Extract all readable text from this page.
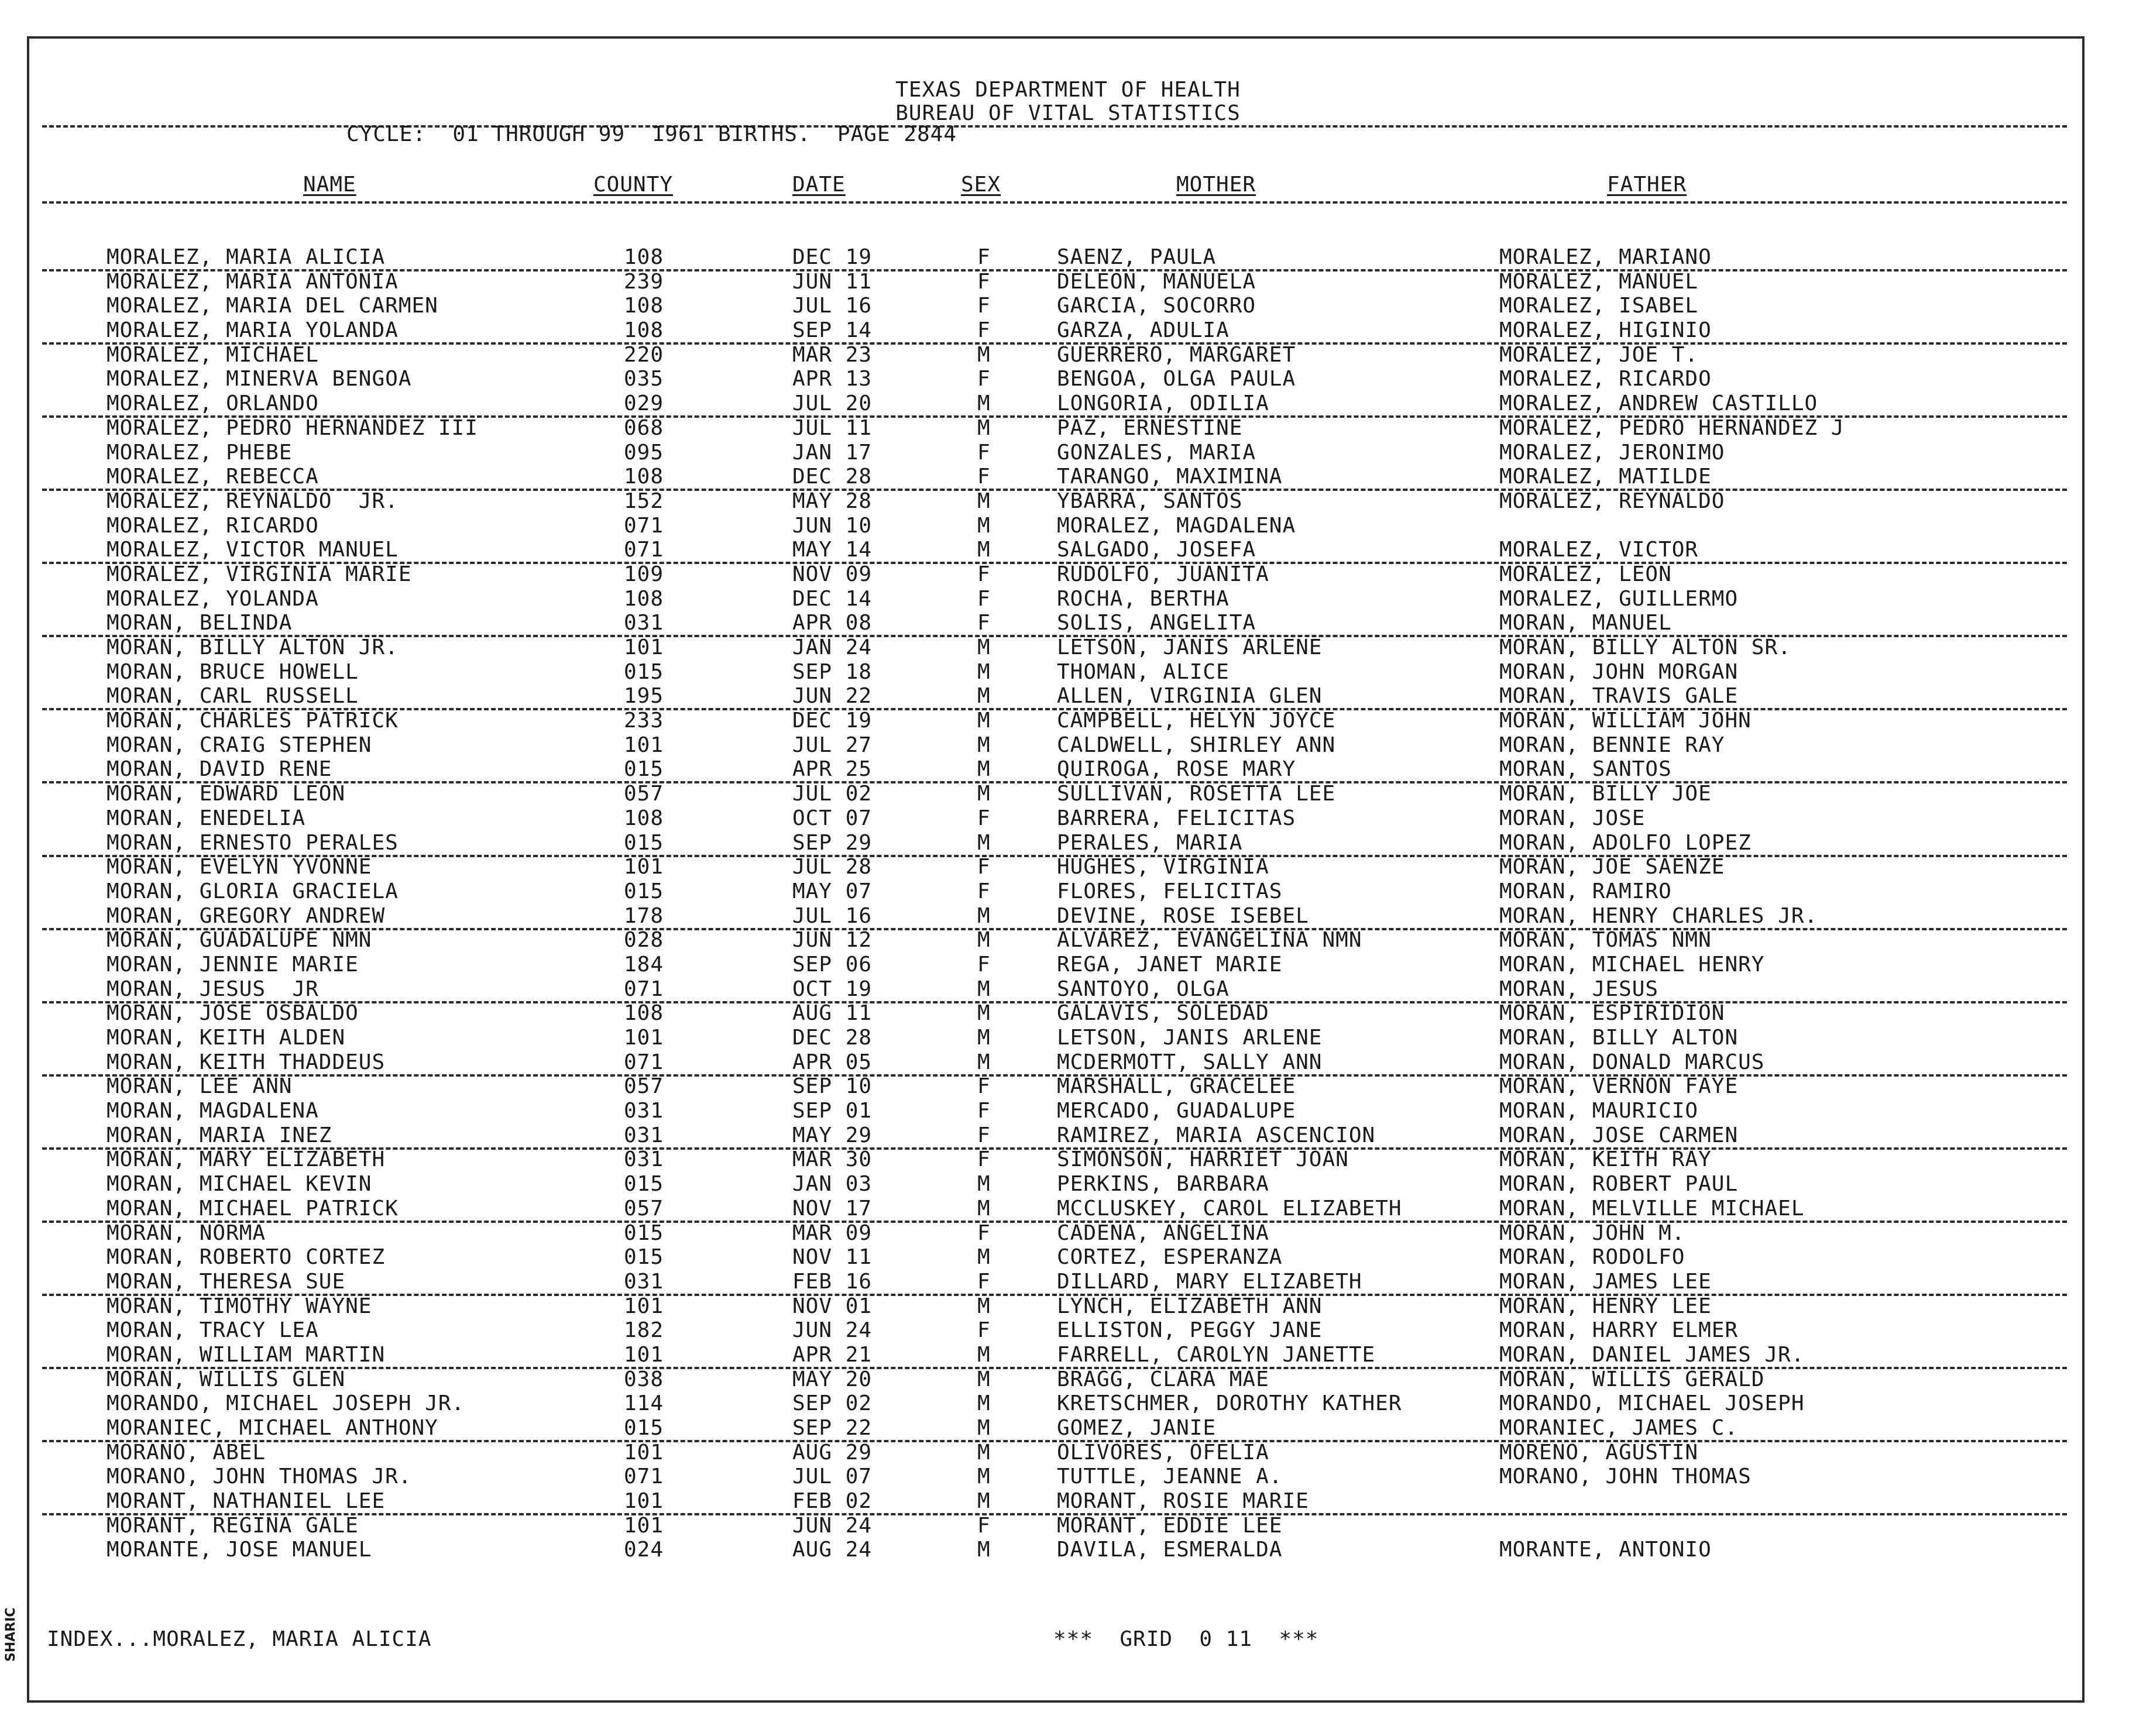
TEXAS DEPARTMENT OF HEALTH
BUREAU OF VITAL STATISTICS
CYCLE:  01 THROUGH 99  1961 BIRTHS.  PAGE 2844
NAME	COUNTY	DATE	SEX	MOTHER	FATHER
MORALEZ, MARIA ALICIA	108	DEC 19	F	SAENZ, PAULA	MORALEZ, MARIANO
MORALEZ, MARIA ANTONIA	239	JUN 11	F	DELEON, MANUELA	MORALEZ, MANUEL
MORALEZ, MARIA DEL CARMEN	108	JUL 16	F	GARCIA, SOCORRO	MORALEZ, ISABEL
MORALEZ, MARIA YOLANDA	108	SEP 14	F	GARZA, ADULIA	MORALEZ, HIGINIO
MORALEZ, MICHAEL	220	MAR 23	M	GUERRERO, MARGARET	MORALEZ, JOE T.
MORALEZ, MINERVA BENGOA	035	APR 13	F	BENGOA, OLGA PAULA	MORALEZ, RICARDO
MORALEZ, ORLANDO	029	JUL 20	M	LONGORIA, ODILIA	MORALEZ, ANDREW CASTILLO
MORALEZ, PEDRO HERNANDEZ III	068	JUL 11	M	PAZ, ERNESTINE	MORALEZ, PEDRO HERNANDEZ J
MORALEZ, PHEBE	095	JAN 17	F	GONZALES, MARIA	MORALEZ, JERONIMO
MORALEZ, REBECCA	108	DEC 28	F	TARANGO, MAXIMINA	MORALEZ, MATILDE
MORALEZ, REYNALDO  JR.	152	MAY 28	M	YBARRA, SANTOS	MORALEZ, REYNALDO
MORALEZ, RICARDO	071	JUN 10	M	MORALEZ, MAGDALENA
MORALEZ, VICTOR MANUEL	071	MAY 14	M	SALGADO, JOSEFA	MORALEZ, VICTOR
MORALEZ, VIRGINIA MARIE	109	NOV 09	F	RUDOLFO, JUANITA	MORALEZ, LEON
MORALEZ, YOLANDA	108	DEC 14	F	ROCHA, BERTHA	MORALEZ, GUILLERMO
MORAN, BELINDA	031	APR 08	F	SOLIS, ANGELITA	MORAN, MANUEL
MORAN, BILLY ALTON JR.	101	JAN 24	M	LETSON, JANIS ARLENE	MORAN, BILLY ALTON SR.
MORAN, BRUCE HOWELL	015	SEP 18	M	THOMAN, ALICE	MORAN, JOHN MORGAN
MORAN, CARL RUSSELL	195	JUN 22	M	ALLEN, VIRGINIA GLEN	MORAN, TRAVIS GALE
MORAN, CHARLES PATRICK	233	DEC 19	M	CAMPBELL, HELYN JOYCE	MORAN, WILLIAM JOHN
MORAN, CRAIG STEPHEN	101	JUL 27	M	CALDWELL, SHIRLEY ANN	MORAN, BENNIE RAY
MORAN, DAVID RENE	015	APR 25	M	QUIROGA, ROSE MARY	MORAN, SANTOS
MORAN, EDWARD LEON	057	JUL 02	M	SULLIVAN, ROSETTA LEE	MORAN, BILLY JOE
MORAN, ENEDELIA	108	OCT 07	F	BARRERA, FELICITAS	MORAN, JOSE
MORAN, ERNESTO PERALES	015	SEP 29	M	PERALES, MARIA	MORAN, ADOLFO LOPEZ
MORAN, EVELYN YVONNE	101	JUL 28	F	HUGHES, VIRGINIA	MORAN, JOE SAENZE
MORAN, GLORIA GRACIELA	015	MAY 07	F	FLORES, FELICITAS	MORAN, RAMIRO
MORAN, GREGORY ANDREW	178	JUL 16	M	DEVINE, ROSE ISEBEL	MORAN, HENRY CHARLES JR.
MORAN, GUADALUPE NMN	028	JUN 12	M	ALVAREZ, EVANGELINA NMN	MORAN, TOMAS NMN
MORAN, JENNIE MARIE	184	SEP 06	F	REGA, JANET MARIE	MORAN, MICHAEL HENRY
MORAN, JESUS  JR	071	OCT 19	M	SANTOYO, OLGA	MORAN, JESUS
MORAN, JOSE OSBALDO	108	AUG 11	M	GALAVIS, SOLEDAD	MORAN, ESPIRIDION
MORAN, KEITH ALDEN	101	DEC 28	M	LETSON, JANIS ARLENE	MORAN, BILLY ALTON
MORAN, KEITH THADDEUS	071	APR 05	M	MCDERMOTT, SALLY ANN	MORAN, DONALD MARCUS
MORAN, LEE ANN	057	SEP 10	F	MARSHALL, GRACELEE	MORAN, VERNON FAYE
MORAN, MAGDALENA	031	SEP 01	F	MERCADO, GUADALUPE	MORAN, MAURICIO
MORAN, MARIA INEZ	031	MAY 29	F	RAMIREZ, MARIA ASCENCION	MORAN, JOSE CARMEN
MORAN, MARY ELIZABETH	031	MAR 30	F	SIMONSON, HARRIET JOAN	MORAN, KEITH RAY
MORAN, MICHAEL KEVIN	015	JAN 03	M	PERKINS, BARBARA	MORAN, ROBERT PAUL
MORAN, MICHAEL PATRICK	057	NOV 17	M	MCCLUSKEY, CAROL ELIZABETH	MORAN, MELVILLE MICHAEL
MORAN, NORMA	015	MAR 09	F	CADENA, ANGELINA	MORAN, JOHN M.
MORAN, ROBERTO CORTEZ	015	NOV 11	M	CORTEZ, ESPERANZA	MORAN, RODOLFO
MORAN, THERESA SUE	031	FEB 16	F	DILLARD, MARY ELIZABETH	MORAN, JAMES LEE
MORAN, TIMOTHY WAYNE	101	NOV 01	M	LYNCH, ELIZABETH ANN	MORAN, HENRY LEE
MORAN, TRACY LEA	182	JUN 24	F	ELLISTON, PEGGY JANE	MORAN, HARRY ELMER
MORAN, WILLIAM MARTIN	101	APR 21	M	FARRELL, CAROLYN JANETTE	MORAN, DANIEL JAMES JR.
MORAN, WILLIS GLEN	038	MAY 20	M	BRAGG, CLARA MAE	MORAN, WILLIS GERALD
MORANDO, MICHAEL JOSEPH JR.	114	SEP 02	M	KRETSCHMER, DOROTHY KATHER	MORANDO, MICHAEL JOSEPH
MORANIEC, MICHAEL ANTHONY	015	SEP 22	M	GOMEZ, JANIE	MORANIEC, JAMES C.
MORANO, ABEL	101	AUG 29	M	OLIVORES, OFELIA	MORENO, AGUSTIN
MORANO, JOHN THOMAS JR.	071	JUL 07	M	TUTTLE, JEANNE A.	MORANO, JOHN THOMAS
MORANT, NATHANIEL LEE	101	FEB 02	M	MORANT, ROSIE MARIE
MORANT, REGINA GALE	101	JUN 24	F	MORANT, EDDIE LEE
MORANTE, JOSE MANUEL	024	AUG 24	M	DAVILA, ESMERALDA	MORANTE, ANTONIO
INDEX...MORALEZ, MARIA ALICIA	***  GRID  0 11  ***
SHARIC
